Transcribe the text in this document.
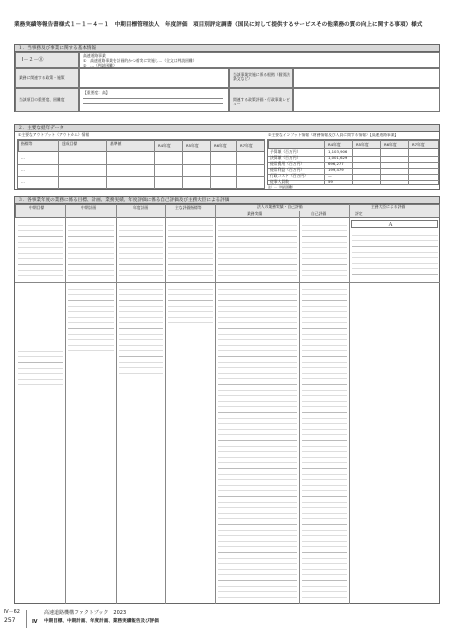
業務実績等報告書様式１－１－４－１　中期目標管理法人　年度評価　項目別評定調書（国民に対して提供するサービスその他業務の質の向上に関する事項）様式
１．当事務及び事業に関する基本情報
Ⅰ－２－⑪
高速道路事業
①　高速道路事業を計画的かつ着実に実施し…（全文は判読困難）
②　…（判読困難）
業務に関連する政策・施策
当該事業実施に係る根拠（個別法条文など）
当該項目の重要度、困難度
【重要度：高】
関連する政策評価・行政事業レビュー
２．主要な経年データ
①主要なアウトプット（アウトカム）情報
指標等	達成目標	基準値	R4年度	R5年度	R6年度	R7年度
…
…
…
②主要なインプット情報（財務情報及び人員に関する情報）【高速道路事業】
R4年度	R5年度	R6年度	R7年度
予算額（百万円）	1,103,906
決算額（百万円）	1,001,629
経常費用（百万円）	696,277
経常利益（百万円）	199,479
行政コスト（百万円）	—
従事人員数	59
注）…（判読困難）
３．各事業年度の業務に係る目標、計画、業務実績、年度評価に係る自己評価及び主務大臣による評価
中期目標	中期計画	年度計画	主な評価指標等	法人の業務実績・自己評価	主務大臣による評価
業務実績	自己評価	評定
Ａ
Ⅳ－62
257
高速道路機構ファクトブック　2023
Ⅳ 中期目標、中期計画、年度計画、業務実績報告及び評価
